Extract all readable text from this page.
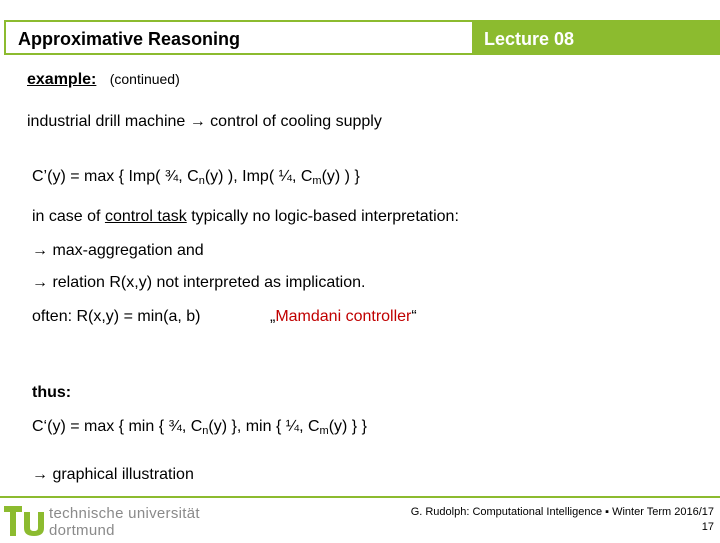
Approximative Reasoning	Lecture 08
example: (continued)
industrial drill machine → control of cooling supply
C’(y) = max { Imp( ¾, $C_n(y)$ ), Imp( ¼, $C_m(y)$ ) }
in case of control task typically no logic-based interpretation:
→ max-aggregation and
→ relation R(x,y) not interpreted as implication.
often: R(x,y) = min(a, b)	„Mamdani controller“
thus:
C‘(y) = max { min { ¾, $C_n(y)$ }, min { ¼, $C_m(y)$ } }
→ graphical illustration
technische universität
dortmund
G. Rudolph: Computational Intelligence ▪ Winter Term 2016/17
17
